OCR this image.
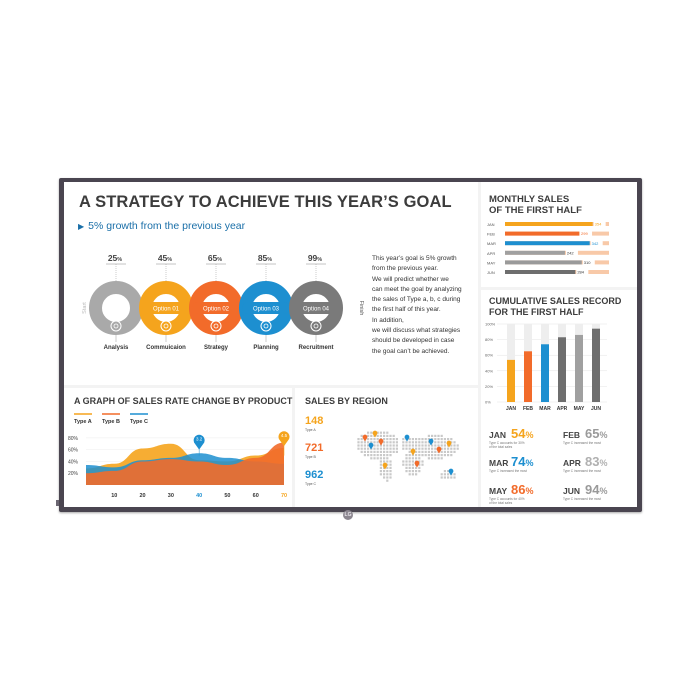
LG
A STRATEGY TO ACHIEVE THIS YEAR’S GOAL
▶ 5% growth from the previous year
Start	Finish
25%
Analysis
Option 01
45%
Commuicaion
Option 02
65%
Strategy
Option 03
85%
Planning
Option 04
99%
Recruitment
This year’s goal is 5% growth
from the previous year.
We will predict whether we
can meet the goal by analyzing
the sales of Type a, b, c during
the first half of this year.
In addition,
we will discuss what strategies
should be developed in case
the goal can’t be achieved.
MONTHLY SALES
OF THE FIRST HALF
JAN	354
FEB	299
MAR	342
APR	242
MAY	310
JUN	284
CUMULATIVE SALES RECORD
FOR THE FIRST HALF
100%
80%
60%
40%
20%
0%
JAN FEB MAR APR MAY JUN
JAN 54%
Type C accounts for 30%
of the total sales
FEB 65%
Type C increased the most
MAR 74%
Type C increased the most
APR 83%
Type C increased the most
MAY 86%
Type C accounts for 40%
of the total sales
JUN 94%
Type C increased the most
A GRAPH OF SALES RATE CHANGE BY PRODUCT
Type A Type B Type C
80%
60%
40%
20%
10	20	30	40	50	60	70
3.2
4.5
SALES BY REGION
148
Type A
721
Type B
962
Type C
